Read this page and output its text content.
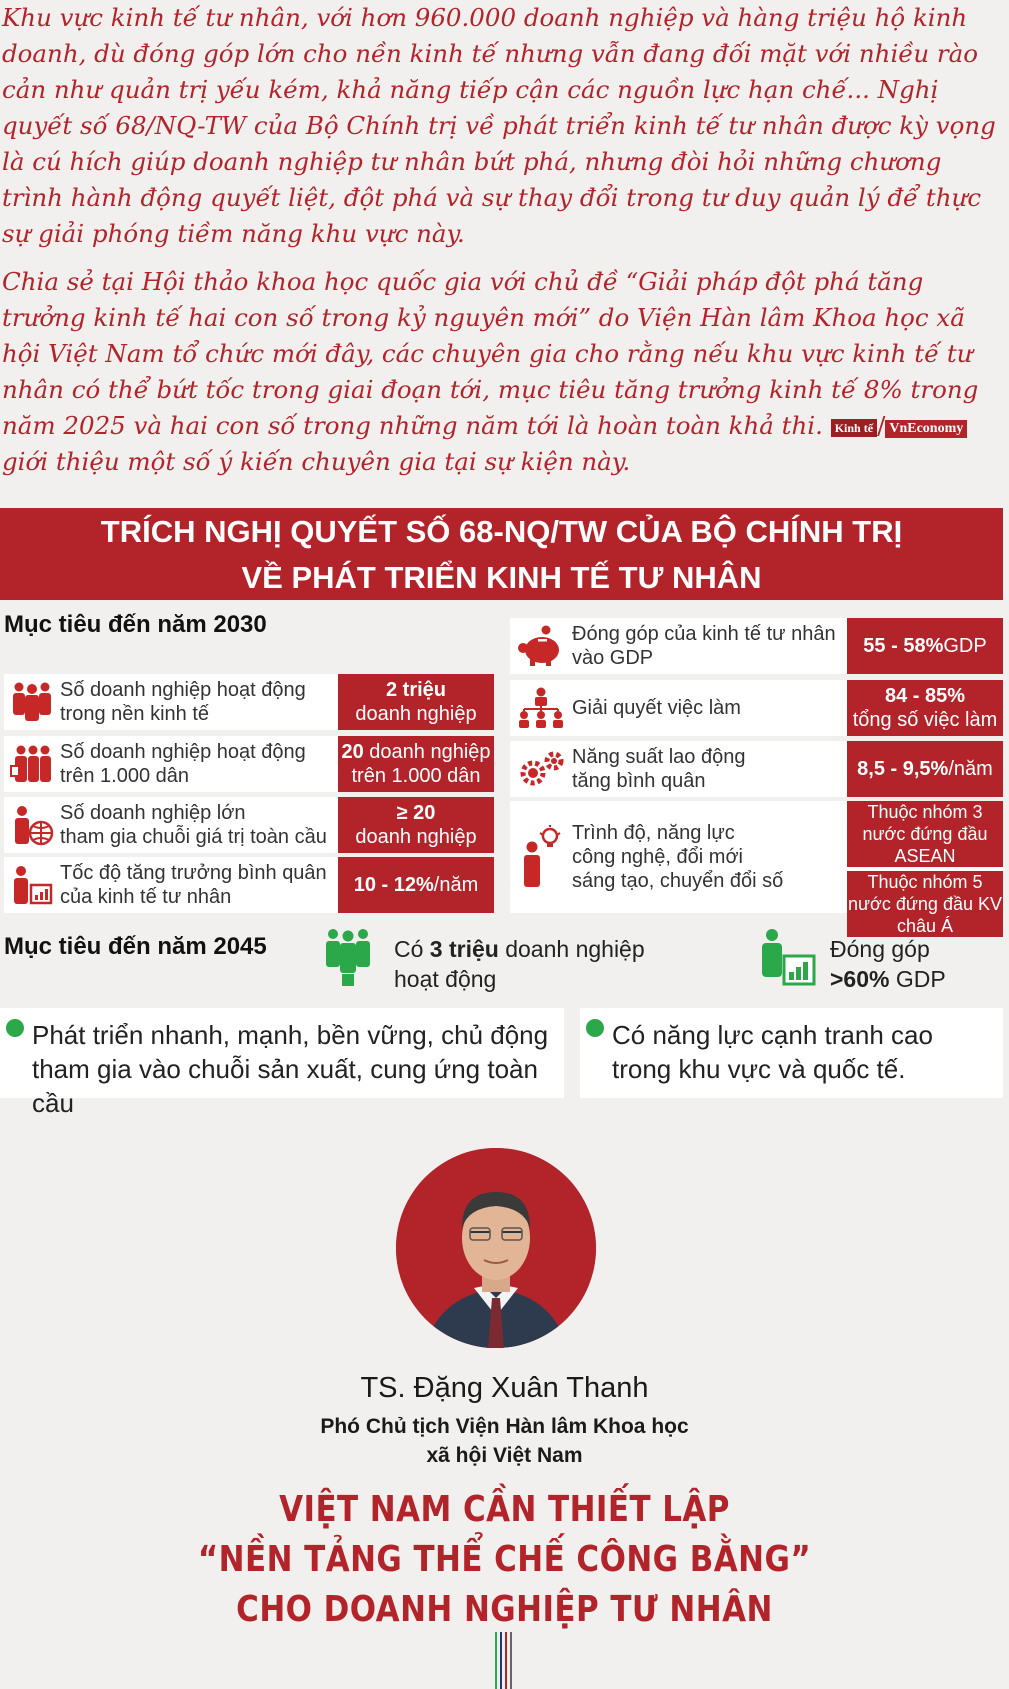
Khu vực kinh tế tư nhân, với hơn 960.000 doanh nghiệp và hàng triệu hộ kinh doanh, dù đóng góp lớn cho nền kinh tế nhưng vẫn đang đối mặt với nhiều rào cản như quản trị yếu kém, khả năng tiếp cận các nguồn lực hạn chế... Nghị quyết số 68/NQ-TW của Bộ Chính trị về phát triển kinh tế tư nhân được kỳ vọng là cú hích giúp doanh nghiệp tư nhân bứt phá, nhưng đòi hỏi những chương trình hành động quyết liệt, đột phá và sự thay đổi trong tư duy quản lý để thực sự giải phóng tiềm năng khu vực này.

Chia sẻ tại Hội thảo khoa học quốc gia với chủ đề “Giải pháp đột phá tăng trưởng kinh tế hai con số trong kỷ nguyên mới” do Viện Hàn lâm Khoa học xã hội Việt Nam tổ chức mới đây, các chuyên gia cho rằng nếu khu vực kinh tế tư nhân có thể bứt tốc trong giai đoạn tới, mục tiêu tăng trưởng kinh tế 8% trong năm 2025 và hai con số trong những năm tới là hoàn toàn khả thi. Kinh tế / VnEconomy giới thiệu một số ý kiến chuyên gia tại sự kiện này.

TRÍCH NGHỊ QUYẾT SỐ 68-NQ/TW CỦA BỘ CHÍNH TRỊ
VỀ PHÁT TRIỂN KINH TẾ TƯ NHÂN
Mục tiêu đến năm 2030
Số doanh nghiệp hoạt động
trong nền kinh tế
2 triệu
doanh nghiệp
Số doanh nghiệp hoạt động
trên 1.000 dân
20 doanh nghiệp
trên 1.000 dân
Số doanh nghiệp lớn
tham gia chuỗi giá trị toàn cầu
≥ 20
doanh nghiệp
Tốc độ tăng trưởng bình quân
của kinh tế tư nhân
10 - 12% /năm
Đóng góp của kinh tế tư nhân
vào GDP
55 - 58% GDP
Giải quyết việc làm
84 - 85%
tổng số việc làm
Năng suất lao động
tăng bình quân
8,5 - 9,5% /năm
Trình độ, năng lực
công nghệ, đổi mới
sáng tạo, chuyển đổi số
Thuộc nhóm 3 nước đứng đầu ASEAN
Thuộc nhóm 5 nước đứng đầu KV châu Á
Mục tiêu đến năm 2045	Có 3 triệu doanh nghiệp
hoạt động
Đóng góp
>60% GDP
Phát triển nhanh, mạnh, bền vững, chủ động tham gia vào chuỗi sản xuất, cung ứng toàn cầu
Có năng lực cạnh tranh cao trong khu vực và quốc tế.
TS. Đặng Xuân Thanh
Phó Chủ tịch Viện Hàn lâm Khoa học
xã hội Việt Nam
VIỆT NAM CẦN THIẾT LẬP
“NỀN TẢNG THỂ CHẾ CÔNG BẰNG”
CHO DOANH NGHIỆP TƯ NHÂN
